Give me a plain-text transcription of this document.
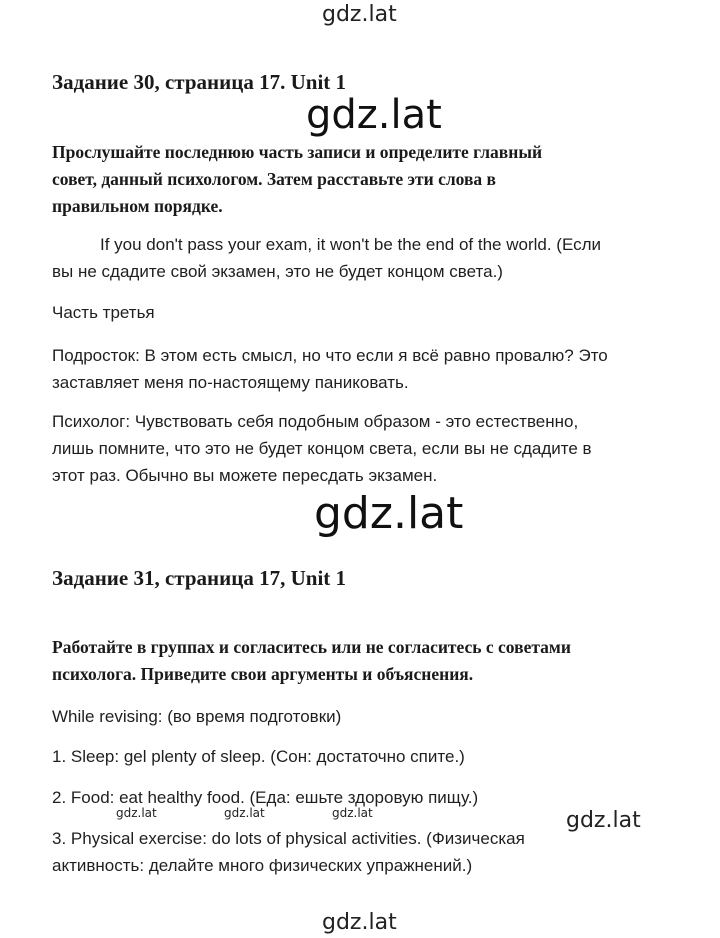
gdz.lat
Задание 30, страница 17. Unit 1
gdz.lat
Прослушайте последнюю часть записи и определите главный
совет, данный психологом. Затем расставьте эти слова в
правильном порядке.
If you don't pass your exam, it won't be the end of the world. (Если
вы не сдадите свой экзамен, это не будет концом света.)
Часть третья
Подросток: В этом есть смысл, но что если я всё равно провалю? Это
заставляет меня по-настоящему паниковать.
Психолог: Чувствовать себя подобным образом - это естественно,
лишь помните, что это не будет концом света, если вы не сдадите в
этот раз. Обычно вы можете пересдать экзамен.
gdz.lat
Задание 31, страница 17, Unit 1
Работайте в группах и согласитесь или не согласитесь с советами
психолога. Приведите свои аргументы и объяснения.
While revising: (во время подготовки)
1. Sleep: gel plenty of sleep. (Сон: достаточно спите.)
2. Food: eat healthy food. (Еда: ешьте здоровую пищу.)
gdz.lat	gdz.lat	gdz.lat
3. Physical exercise: do lots of physical activities. (Физическая
активность: делайте много физических упражнений.)
gdz.lat
gdz.lat
